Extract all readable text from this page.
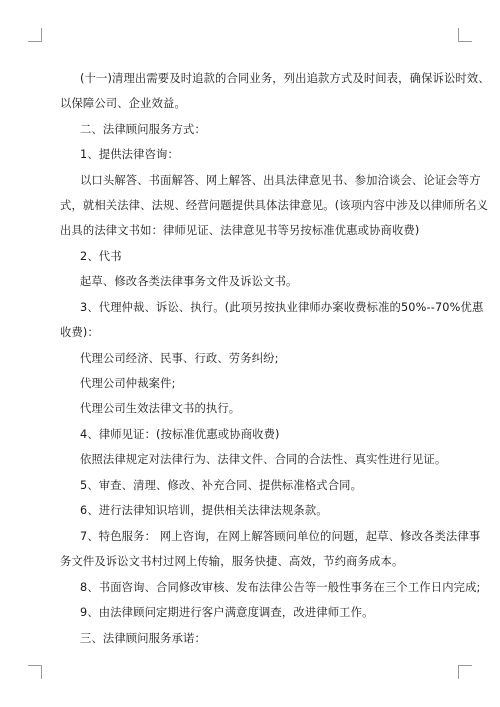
(十一)清理出需要及时追款的合同业务，列出追款方式及时间表，确保诉讼时效、
以保障公司、企业效益。
二、法律顾问服务方式：
1、提供法律咨询：
以口头解答、书面解答、网上解答、出具法律意见书、参加洽谈会、论证会等方
式，就相关法律、法规、经营问题提供具体法律意见。(该项内容中涉及以律师所名义
出具的法律文书如：律师见证、法律意见书等另按标准优惠或协商收费)
2、代书
起草、修改各类法律事务文件及诉讼文书。
3、代理仲裁、诉讼、执行。(此项另按执业律师办案收费标准的50%--70%优惠
收费)：
代理公司经济、民事、行政、劳务纠纷;
代理公司仲裁案件;
代理公司生效法律文书的执行。
4、律师见证：(按标准优惠或协商收费)
依照法律规定对法律行为、法律文件、合同的合法性、真实性进行见证。
5、审查、清理、修改、补充合同、提供标准格式合同。
6、进行法律知识培训，提供相关法律法规条款。
7、特色服务： 网上咨询，在网上解答顾问单位的问题，起草、修改各类法律事
务文件及诉讼文书村过网上传输，服务快捷、高效，节约商务成本。
8、书面咨询、合同修改审核、发布法律公告等一般性事务在三个工作日内完成;
9、由法律顾问定期进行客户满意度调查，改进律师工作。
三、法律顾问服务承诺：
